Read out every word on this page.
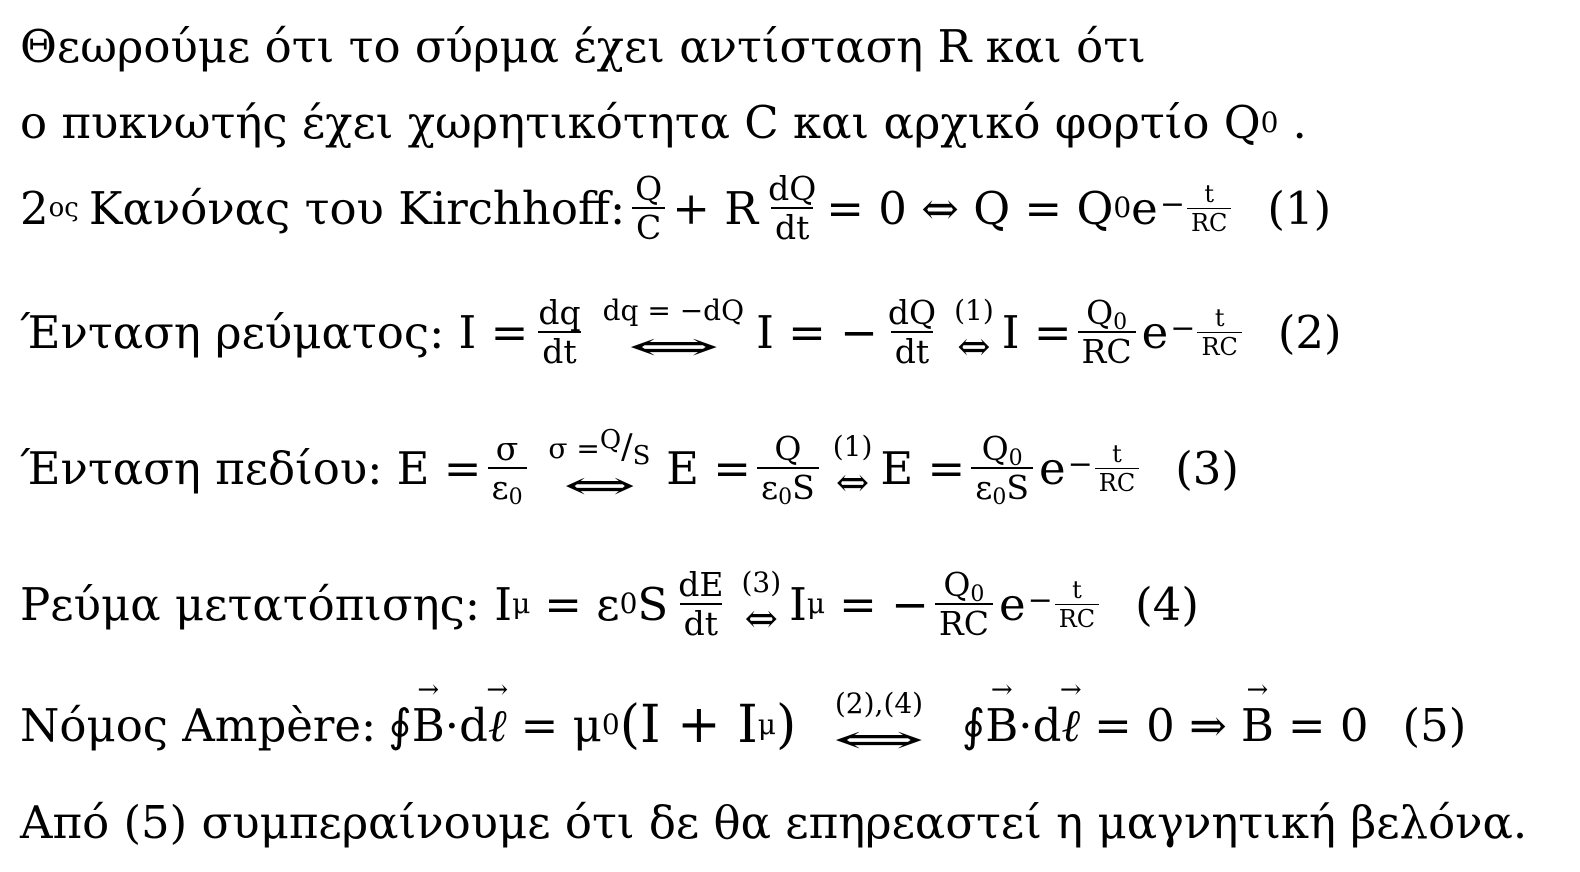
Θεωρούμε ότι το σύρμα έχει αντίσταση R και ότι
ο πυκνωτής έχει χωρητικότητα C και αρχικό φορτίο Q 0 .
2 ος Κανόνας του Kirchhoff: $\frac{Q}{C} + R \frac{dQ}{dt} = 0$ ⇔ Q = Q 0 $e - \frac{t}{RC} (1)$
Ένταση ρεύματος: $I = \frac{dq}{dt}$ dq = −dQ
⇔ I = − $\frac{dQ}{dt} (1)$
⇔ $I = \frac{Q_0}{RC}$ $e - \frac{t}{RC} (2)$
Ένταση πεδίου: $E = \frac{\sigma}{\varepsilon_0}$ $\sigma =^Q/_S$
⇔ $E = \frac{Q}{\varepsilon_0S} (1)$
⇔ $E = \frac{Q_0}{\varepsilon_0S}$ $e - \frac{t}{RC} (3)$
Ρεύμα μετατόπισης: I μ = ε 0 S $\frac{dE}{dt} (3)$
⇔ I μ = − $\frac{Q_0}{RC}$ $e - \frac{t}{RC} (4)$
Νόμος Ampère: ∮ → B ·d → ℓ = μ 0 (I + I μ ) (2),(4)
⇔ ∮ → B ·d → ℓ = 0 ⇒ → B = 0 (5)
Από (5) συμπεραίνουμε ότι δε θα επηρεαστεί η μαγνητική βελόνα.
